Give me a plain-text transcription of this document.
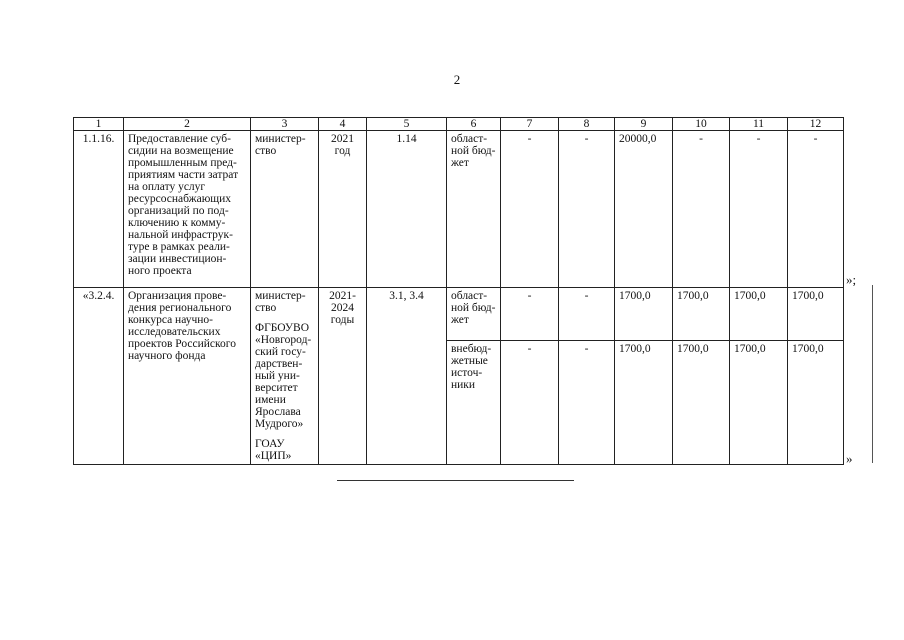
2
1	2	3	4	5	6	7	8	9	10	11	12
1.1.16.	Предоставление суб-сидии на возмещение промышленным пред-приятиям части затрат на оплату услуг ресурсоснабжающих организаций по под-ключению к комму-нальной инфраструк-туре в рамках реали-зации инвестицион-ного проекта	министер-ство	2021 год	1.14	област-ной бюд-жет	-	-	20000,0	-	-	-
«3.2.4.	Организация прове-дения регионального конкурса научно-исследовательских проектов Российского научного фонда	министер-ство
ФГБОУВО «Новгород-ский госу-дарствен-ный уни-верситет имени Ярослава Мудрого»
ГОАУ «ЦИП»	2021-2024 годы	3.1, 3.4	област-ной бюд-жет	-	-	1700,0	1700,0	1700,0	1700,0
					внебюд-жетные источ-ники	-	-	1700,0	1700,0	1700,0	1700,0
»;
»
